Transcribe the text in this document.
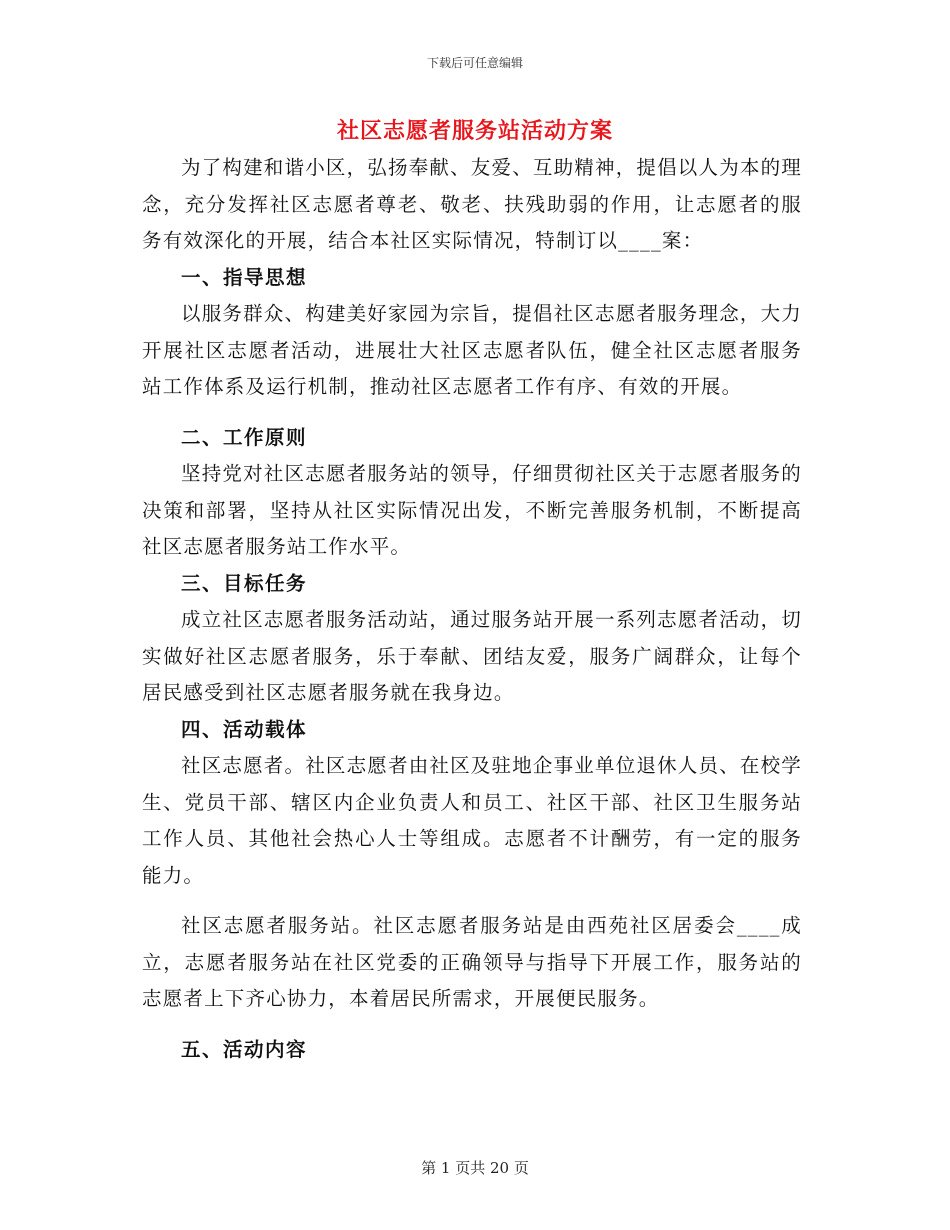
下载后可任意编辑
社区志愿者服务站活动方案

为了构建和谐小区，弘扬奉献、友爱、互助精神，提倡以人为本的理念，充分发挥社区志愿者尊老、敬老、扶残助弱的作用，让志愿者的服务有效深化的开展，结合本社区实际情况，特制订以____案：

一、指导思想

以服务群众、构建美好家园为宗旨，提倡社区志愿者服务理念，大力开展社区志愿者活动，进展壮大社区志愿者队伍，健全社区志愿者服务站工作体系及运行机制，推动社区志愿者工作有序、有效的开展。

二、工作原则

坚持党对社区志愿者服务站的领导，仔细贯彻社区关于志愿者服务的决策和部署，坚持从社区实际情况出发，不断完善服务机制，不断提高社区志愿者服务站工作水平。

三、目标任务

成立社区志愿者服务活动站，通过服务站开展一系列志愿者活动，切实做好社区志愿者服务，乐于奉献、团结友爱，服务广阔群众，让每个居民感受到社区志愿者服务就在我身边。

四、活动载体

社区志愿者。社区志愿者由社区及驻地企事业单位退休人员、在校学生、党员干部、辖区内企业负责人和员工、社区干部、社区卫生服务站工作人员、其他社会热心人士等组成。志愿者不计酬劳，有一定的服务能力。

社区志愿者服务站。社区志愿者服务站是由西苑社区居委会____成立，志愿者服务站在社区党委的正确领导与指导下开展工作，服务站的志愿者上下齐心协力，本着居民所需求，开展便民服务。

五、活动内容

第 1 页共 20 页
